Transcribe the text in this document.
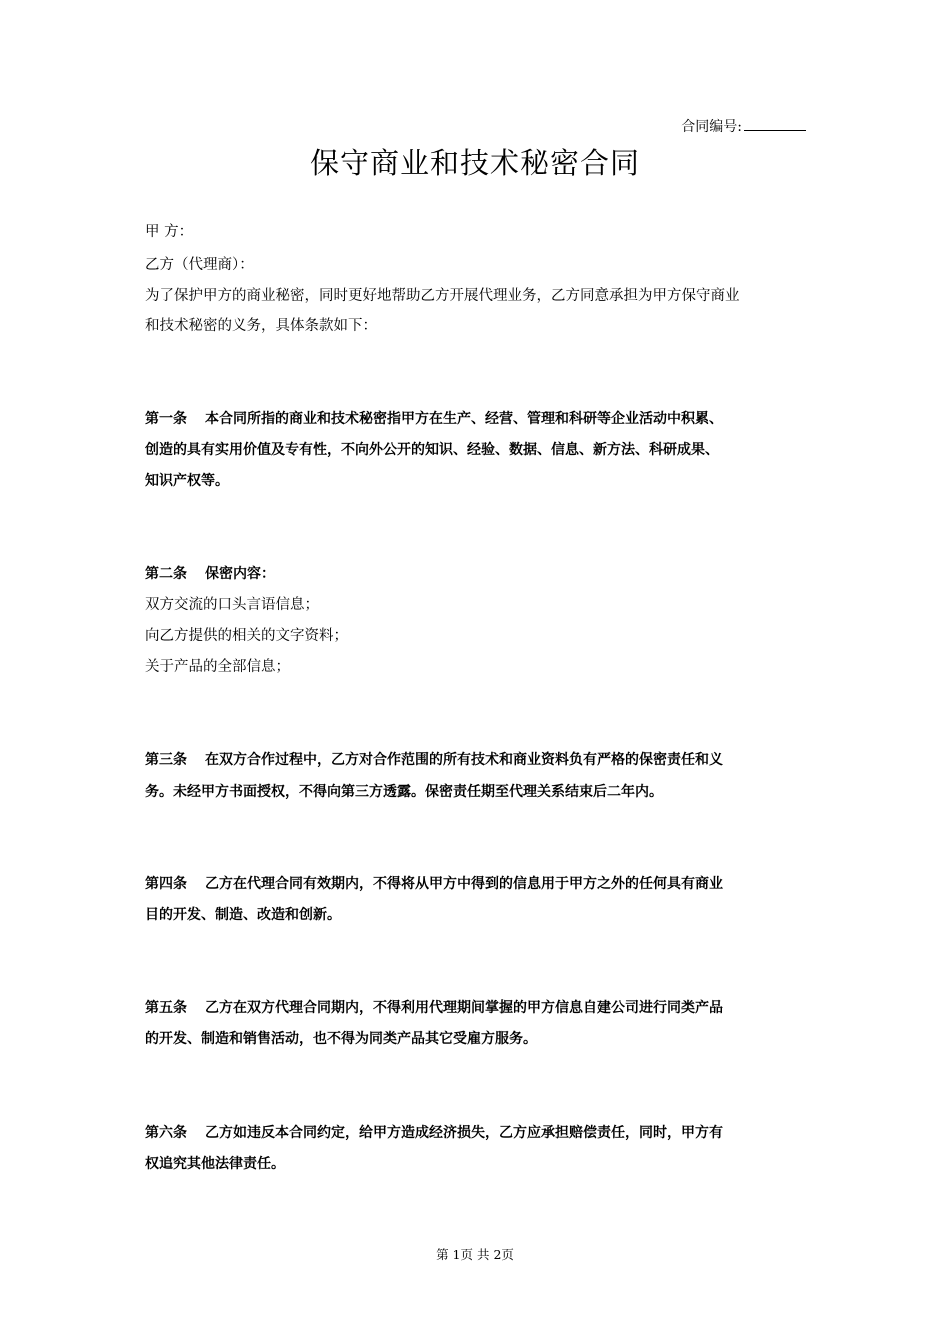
合同编号:
保守商业和技术秘密合同
甲 方：
乙方（代理商）：
为了保护甲方的商业秘密，同时更好地帮助乙方开展代理业务，乙方同意承担为甲方保守商业
和技术秘密的义务，具体条款如下：
第一条 本合同所指的商业和技术秘密指甲方在生产、经营、管理和科研等企业活动中积累、
创造的具有实用价值及专有性，不向外公开的知识、经验、数据、信息、新方法、科研成果、
知识产权等。
第二条 保密内容：
双方交流的口头言语信息；
向乙方提供的相关的文字资料；
关于产品的全部信息；
第三条 在双方合作过程中，乙方对合作范围的所有技术和商业资料负有严格的保密责任和义
务。未经甲方书面授权，不得向第三方透露。保密责任期至代理关系结束后二年内。
第四条 乙方在代理合同有效期内，不得将从甲方中得到的信息用于甲方之外的任何具有商业
目的开发、制造、改造和创新。
第五条 乙方在双方代理合同期内，不得利用代理期间掌握的甲方信息自建公司进行同类产品
的开发、制造和销售活动，也不得为同类产品其它受雇方服务。
第六条 乙方如违反本合同约定，给甲方造成经济损失，乙方应承担赔偿责任，同时，甲方有
权追究其他法律责任。
第 1页 共 2页
